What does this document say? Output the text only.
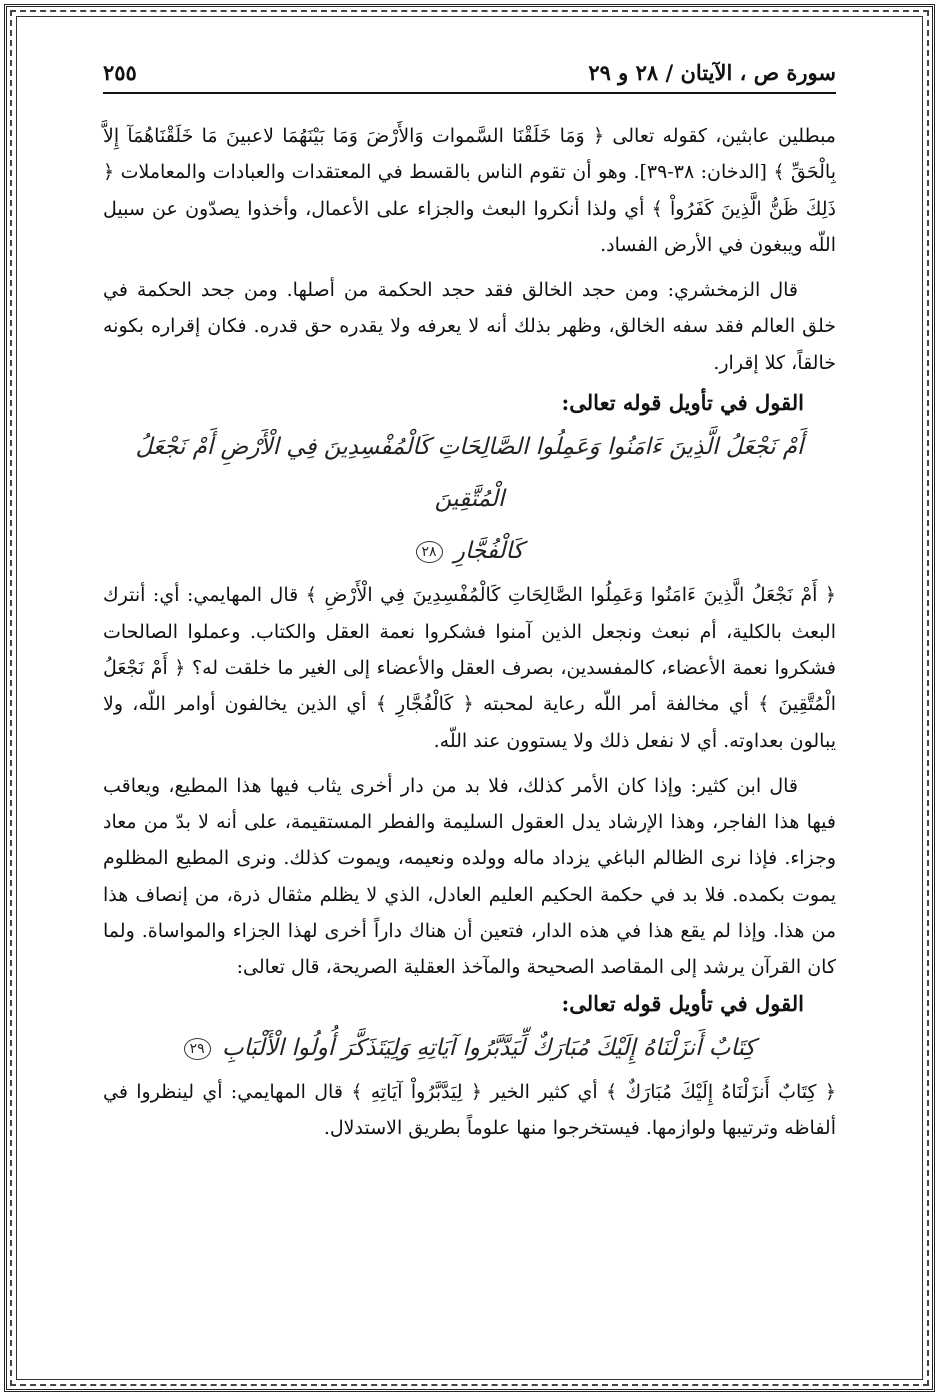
سورة ص ، الآيتان / ٢٨ و ٢٩
٢٥٥

مبطلين عابثين، كقوله تعالى ﴿ وَمَا خَلَقْنَا السَّموات وَالأَرْضَ وَمَا بَيْنَهُمَا لاعبينَ مَا خَلَقْنَاهُمَآ إِلاَّ بِالْحَقِّ ﴾ [الدخان: ٣٨-٣٩]. وهو أن تقوم الناس بالقسط في المعتقدات والعبادات والمعاملات ﴿ ذَلِكَ ظَنُّ الَّذِينَ كَفَرُواْ ﴾ أي ولذا أنكروا البعث والجزاء على الأعمال، وأخذوا يصدّون عن سبيل اللّه ويبغون في الأرض الفساد.

قال الزمخشري: ومن حجد الخالق فقد حجد الحكمة من أصلها. ومن جحد الحكمة في خلق العالم فقد سفه الخالق، وظهر بذلك أنه لا يعرفه ولا يقدره حق قدره. فكان إقراره بكونه خالقاً، كلا إقرار.

القول في تأويل قوله تعالى:

أَمْ نَجْعَلُ الَّذِينَ ءَامَنُوا وَعَمِلُوا الصَّالِحَاتِ كَالْمُفْسِدِينَ فِي الْأَرْضِ أَمْ نَجْعَلُ الْمُتَّقِينَ

كَالْفُجَّارِ ٢٨

﴿ أَمْ نَجْعَلُ الَّذِينَ ءَامَنُوا وَعَمِلُوا الصَّالِحَاتِ كَالْمُفْسِدِينَ فِي الْأَرْضِ ﴾ قال المهايمي: أي: أنترك البعث بالكلية، أم نبعث ونجعل الذين آمنوا فشكروا نعمة العقل والكتاب. وعملوا الصالحات فشكروا نعمة الأعضاء، كالمفسدين، بصرف العقل والأعضاء إلى الغير ما خلقت له؟ ﴿ أَمْ نَجْعَلُ الْمُتَّقِينَ ﴾ أي مخالفة أمر اللّه رعاية لمحبته ﴿ كَالْفُجَّارِ ﴾ أي الذين يخالفون أوامر اللّه، ولا يبالون بعداوته. أي لا نفعل ذلك ولا يستوون عند اللّه.

قال ابن كثير: وإذا كان الأمر كذلك، فلا بد من دار أخرى يثاب فيها هذا المطيع، ويعاقب فيها هذا الفاجر، وهذا الإرشاد يدل العقول السليمة والفطر المستقيمة، على أنه لا بدّ من معاد وجزاء. فإذا نرى الظالم الباغي يزداد ماله وولده ونعيمه، ويموت كذلك. ونرى المطيع المظلوم يموت بكمده. فلا بد في حكمة الحكيم العليم العادل، الذي لا يظلم مثقال ذرة، من إنصاف هذا من هذا. وإذا لم يقع هذا في هذه الدار، فتعين أن هناك داراً أخرى لهذا الجزاء والمواساة. ولما كان القرآن يرشد إلى المقاصد الصحيحة والمآخذ العقلية الصريحة، قال تعالى:

القول في تأويل قوله تعالى:

كِتَابٌ أَنزَلْنَاهُ إِلَيْكَ مُبَارَكٌ لِّيَدَّبَّرُوا آيَاتِهِ وَلِيَتَذَكَّرَ أُولُوا الْأَلْبَابِ ٢٩

﴿ كِتَابٌ أَنزَلْنَاهُ إِلَيْكَ مُبَارَكٌ ﴾ أي كثير الخير ﴿ لِيَدَّبَّرُواْ آيَاتِهِ ﴾ قال المهايمي: أي لينظروا في ألفاظه وترتيبها ولوازمها. فيستخرجوا منها علوماً بطريق الاستدلال.
